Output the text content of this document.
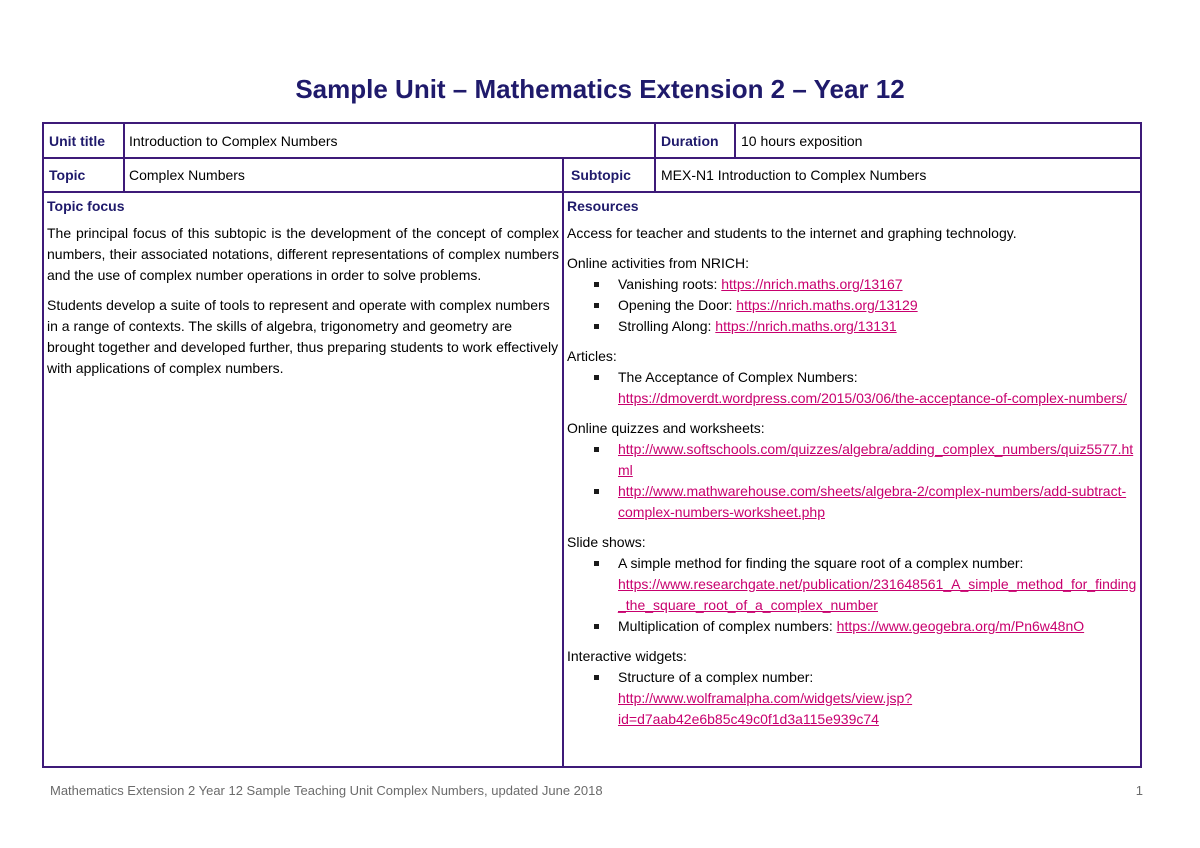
Sample Unit – Mathematics Extension 2 – Year 12
Unit title	Introduction to Complex Numbers	Duration	10 hours exposition
Topic	Complex Numbers	Subtopic	MEX-N1 Introduction to Complex Numbers
Topic focus

The principal focus of this subtopic is the development of the concept of complex numbers, their associated notations, different representations of complex numbers and the use of complex number operations in order to solve problems.

Students develop a suite of tools to represent and operate with complex numbers in a range of contexts. The skills of algebra, trigonometry and geometry are brought together and developed further, thus preparing students to work effectively with applications of complex numbers.

Resources

Access for teacher and students to the internet and graphing technology.

Online activities from NRICH:

Vanishing roots: https://nrich.maths.org/13167
Opening the Door: https://nrich.maths.org/13129
Strolling Along: https://nrich.maths.org/13131

Articles:

The Acceptance of Complex Numbers:
https://dmoverdt.wordpress.com/2015/03/06/the-acceptance-of-complex-numbers/

Online quizzes and worksheets:

http://www.softschools.com/quizzes/algebra/adding_complex_numbers/quiz5577.html
http://www.mathwarehouse.com/sheets/algebra-2/complex-numbers/add-subtract-complex-numbers-worksheet.php

Slide shows:

A simple method for finding the square root of a complex number:
https://www.researchgate.net/publication/231648561_A_simple_method_for_finding_the_square_root_of_a_complex_number
Multiplication of complex numbers: https://www.geogebra.org/m/Pn6w48nO

Interactive widgets:

Structure of a complex number:
http://www.wolframalpha.com/widgets/view.jsp?id=d7aab42e6b85c49c0f1d3a115e939c74
Mathematics Extension 2 Year 12 Sample Teaching Unit Complex Numbers, updated June 2018	1
